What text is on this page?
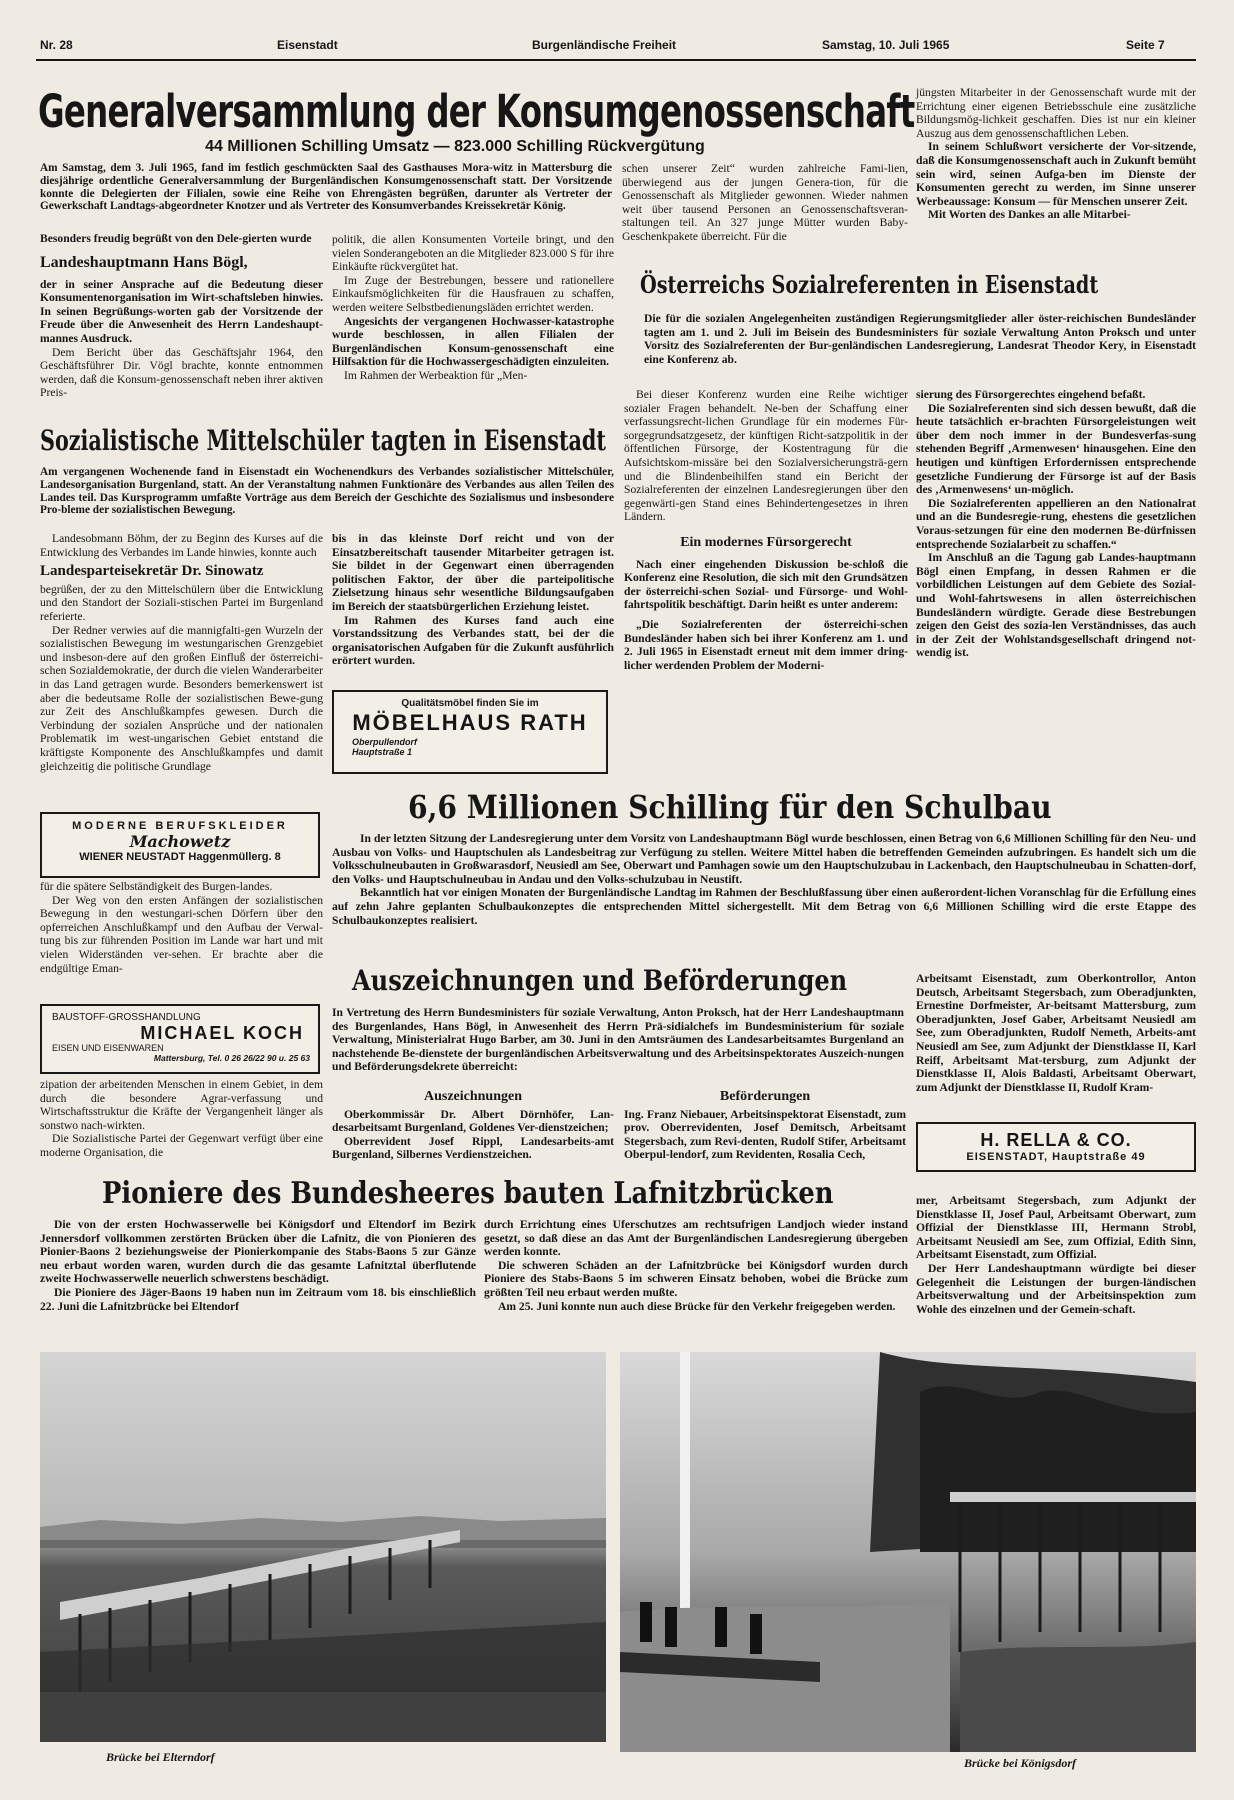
Nr. 28	Eisenstadt	Burgenländische Freiheit	Samstag, 10. Juli 1965	Seite 7
Generalversammlung der Konsumgenossenschaft
44 Millionen Schilling Umsatz — 823.000 Schilling Rückvergütung
Am Samstag, dem 3. Juli 1965, fand im festlich geschmückten Saal des Gasthauses Mora-witz in Mattersburg die diesjährige ordentliche Generalversammlung der Burgenländischen Konsumgenossenschaft statt. Der Vorsitzende konnte die Delegierten der Filialen, sowie eine Reihe von Ehrengästen begrüßen, darunter als Vertreter der Gewerkschaft Landtags-abgeordneter Knotzer und als Vertreter des Konsumverbandes Kreissekretär König.

Besonders freudig begrüßt von den Dele-gierten wurde

Landeshauptmann Hans Bögl,

der in seiner Ansprache auf die Bedeutung dieser Konsumentenorganisation im Wirt-schaftsleben hinwies. In seinen Begrüßungs-worten gab der Vorsitzende der Freude über die Anwesenheit des Herrn Landeshaupt-mannes Ausdruck.

Dem Bericht über das Geschäftsjahr 1964, den Geschäftsführer Dir. Vögl brachte, konnte entnommen werden, daß die Konsum-genossenschaft neben ihrer aktiven Preis-

politik, die allen Konsumenten Vorteile bringt, und den vielen Sonderangeboten an die Mitglieder 823.000 S für ihre Einkäufte rückvergütet hat.

Im Zuge der Bestrebungen, bessere und rationellere Einkaufsmöglichkeiten für die Hausfrauen zu schaffen, werden weitere Selbstbedienungsläden errichtet werden.

Angesichts der vergangenen Hochwasser-katastrophe wurde beschlossen, in allen Filialen der Burgenländischen Konsum-genossenschaft eine Hilfsaktion für die Hochwassergeschädigten einzuleiten.

Im Rahmen der Werbeaktion für „Men-

schen unserer Zeit“ wurden zahlreiche Fami-lien, überwiegend aus der jungen Genera-tion, für die Genossenschaft als Mitglieder gewonnen. Wieder nahmen weit über tausend Personen an Genossenschaftsveran-staltungen teil. An 327 junge Mütter wurden Baby-Geschenkpakete überreicht. Für die

jüngsten Mitarbeiter in der Genossenschaft wurde mit der Errichtung einer eigenen Betriebsschule eine zusätzliche Bildungsmög-lichkeit geschaffen. Dies ist nur ein kleiner Auszug aus dem genossenschaftlichen Leben.

In seinem Schlußwort versicherte der Vor-sitzende, daß die Konsumgenossenschaft auch in Zukunft bemüht sein wird, seinen Aufga-ben im Dienste der Konsumenten gerecht zu werden, im Sinne unserer Werbeaussage: Konsum — für Menschen unserer Zeit.

Mit Worten des Dankes an alle Mitarbei-

Österreichs Sozialreferenten in Eisenstadt
Die für die sozialen Angelegenheiten zuständigen Regierungsmitglieder aller öster-reichischen Bundesländer tagten am 1. und 2. Juli im Beisein des Bundesministers für soziale Verwaltung Anton Proksch und unter Vorsitz des Sozialreferenten der Bur-genländischen Landesregierung, Landesrat Theodor Kery, in Eisenstadt eine Konferenz ab.

Bei dieser Konferenz wurden eine Reihe wichtiger sozialer Fragen behandelt. Ne-ben der Schaffung einer verfassungsrecht-lichen Grundlage für ein modernes Für-sorgegrundsatzgesetz, der künftigen Richt-satzpolitik in der öffentlichen Fürsorge, der Kostentragung für die Aufsichtskom-missäre bei den Sozialversicherungsträ-gern und die Blindenbeihilfen stand ein Bericht der Sozialreferenten der einzelnen Landesregierungen über den gegenwärti-gen Stand eines Behindertengesetzes in ihren Ländern.

Ein modernes Fürsorgerecht

Nach einer eingehenden Diskussion be-schloß die Konferenz eine Resolution, die sich mit den Grundsätzen der österreichi-schen Sozial- und Fürsorge- und Wohl-fahrtspolitik beschäftigt. Darin heißt es unter anderem:

„Die Sozialreferenten der österreichi-schen Bundesländer haben sich bei ihrer Konferenz am 1. und 2. Juli 1965 in Eisenstadt erneut mit dem immer dring-licher werdenden Problem der Moderni-

sierung des Fürsorgerechtes eingehend befaßt.

Die Sozialreferenten sind sich dessen bewußt, daß die heute tatsächlich er-brachten Fürsorgeleistungen weit über dem noch immer in der Bundesverfas-sung stehenden Begriff ‚Armenwesen‘ hinausgehen. Eine den heutigen und künftigen Erfordernissen entsprechende gesetzliche Fundierung der Fürsorge ist auf der Basis des ‚Armenwesens‘ un-möglich.

Die Sozialreferenten appellieren an den Nationalrat und an die Bundesregie-rung, ehestens die gesetzlichen Voraus-setzungen für eine den modernen Be-dürfnissen entsprechende Sozialarbeit zu schaffen.“

Im Anschluß an die Tagung gab Landes-hauptmann Bögl einen Empfang, in dessen Rahmen er die vorbildlichen Leistungen auf dem Gebiete des Sozial- und Wohl-fahrtswesens in allen österreichischen Bundesländern würdigte. Gerade diese Bestrebungen zeigen den Geist des sozia-len Verständnisses, das auch in der Zeit der Wohlstandsgesellschaft dringend not-wendig ist.

Sozialistische Mittelschüler tagten in Eisenstadt
Am vergangenen Wochenende fand in Eisenstadt ein Wochenendkurs des Verbandes sozialistischer Mittelschüler, Landesorganisation Burgenland, statt. An der Veranstaltung nahmen Funktionäre des Verbandes aus allen Teilen des Landes teil. Das Kursprogramm umfaßte Vorträge aus dem Bereich der Geschichte des Sozialismus und insbesondere Pro-bleme der sozialistischen Bewegung.

Landesobmann Böhm, der zu Beginn des Kurses auf die Entwicklung des Verbandes im Lande hinwies, konnte auch

Landesparteisekretär Dr. Sinowatz

begrüßen, der zu den Mittelschülern über die Entwicklung und den Standort der Soziali-stischen Partei im Burgenland referierte.

Der Redner verwies auf die mannigfalti-gen Wurzeln der sozialistischen Bewegung im westungarischen Grenzgebiet und insbeson-dere auf den großen Einfluß der österreichi-schen Sozialdemokratie, der durch die vielen Wanderarbeiter in das Land getragen wurde. Besonders bemerkenswert ist aber die bedeutsame Rolle der sozialistischen Bewe-gung zur Zeit des Anschlußkampfes gewesen. Durch die Verbindung der sozialen Ansprüche und der nationalen Problematik im west-ungarischen Gebiet entstand die kräftigste Komponente des Anschlußkampfes und damit gleichzeitig die politische Grundlage

für die spätere Selbständigkeit des Burgen-landes.

Der Weg von den ersten Anfängen der sozialistischen Bewegung in den westungari-schen Dörfern über den opferreichen Anschlußkampf und den Aufbau der Verwal-tung bis zur führenden Position im Lande war hart und mit vielen Widerständen ver-sehen. Er brachte aber die endgültige Eman-

zipation der arbeitenden Menschen in einem Gebiet, in dem durch die besondere Agrar-verfassung und Wirtschaftsstruktur die Kräfte der Vergangenheit länger als sonstwo nach-wirkten.

Die Sozialistische Partei der Gegenwart verfügt über eine moderne Organisation, die

bis in das kleinste Dorf reicht und von der Einsatzbereitschaft tausender Mitarbeiter getragen ist. Sie bildet in der Gegenwart einen überragenden politischen Faktor, der über die parteipolitische Zielsetzung hinaus sehr wesentliche Bildungsaufgaben im Bereich der staatsbürgerlichen Erziehung leistet.

Im Rahmen des Kurses fand auch eine Vorstandssitzung des Verbandes statt, bei der die organisatorischen Aufgaben für die Zukunft ausführlich erörtert wurden.

Qualitätsmöbel finden Sie im
MÖBELHAUS RATH
Oberpullendorf
Hauptstraße 1
MODERNE BERUFSKLEIDER
Machowetz
WIENER NEUSTADT Haggenmüllerg. 8
BAUSTOFF-GROSSHANDLUNG
MICHAEL KOCH
EISEN UND EISENWAREN
Mattersburg, Tel. 0 26 26/22 90 u. 25 63
H. RELLA & CO.
EISENSTADT, Hauptstraße 49
6,6 Millionen Schilling für den Schulbau

In der letzten Sitzung der Landesregierung unter dem Vorsitz von Landeshauptmann Bögl wurde beschlossen, einen Betrag von 6,6 Millionen Schilling für den Neu- und Ausbau von Volks- und Hauptschulen als Landesbeitrag zur Verfügung zu stellen. Weitere Mittel haben die betreffenden Gemeinden aufzubringen. Es handelt sich um die Volksschulneubauten in Großwarasdorf, Neusiedl am See, Oberwart und Pamhagen sowie um den Hauptschulzubau in Lackenbach, den Hauptschulneubau in Schatten-dorf, den Volks- und Hauptschulneubau in Andau und den Volks-schulzubau in Neustift.

Bekanntlich hat vor einigen Monaten der Burgenländische Landtag im Rahmen der Beschlußfassung über einen außerordent-lichen Voranschlag für die Erfüllung eines auf zehn Jahre geplanten Schulbaukonzeptes die entsprechenden Mittel sichergestellt. Mit dem Betrag von 6,6 Millionen Schilling wird die erste Etappe des Schulbaukonzeptes realisiert.

Auszeichnungen und Beförderungen
In Vertretung des Herrn Bundesministers für soziale Verwaltung, Anton Proksch, hat der Herr Landeshauptmann des Burgenlandes, Hans Bögl, in Anwesenheit des Herrn Prä-sidialchefs im Bundesministerium für soziale Verwaltung, Ministerialrat Hugo Barber, am 30. Juni in den Amtsräumen des Landesarbeitsamtes Burgenland an nachstehende Be-dienstete der burgenländischen Arbeitsverwaltung und des Arbeitsinspektorates Auszeich-nungen und Beförderungsdekrete überreicht:
Auszeichnungen

Oberkommissär Dr. Albert Dörnhöfer, Lan-desarbeitsamt Burgenland, Goldenes Ver-dienstzeichen;

Oberrevident Josef Rippl, Landesarbeits-amt Burgenland, Silbernes Verdienstzeichen.

Beförderungen

Ing. Franz Niebauer, Arbeitsinspektorat Eisenstadt, zum prov. Oberrevidenten, Josef Demitsch, Arbeitsamt Stegersbach, zum Revi-denten, Rudolf Stifer, Arbeitsamt Oberpul-lendorf, zum Revidenten, Rosalia Cech,

Arbeitsamt Eisenstadt, zum Oberkontrollor, Anton Deutsch, Arbeitsamt Stegersbach, zum Oberadjunkten, Ernestine Dorfmeister, Ar-beitsamt Mattersburg, zum Oberadjunkten, Josef Gaber, Arbeitsamt Neusiedl am See, zum Oberadjunkten, Rudolf Nemeth, Arbeits-amt Neusiedl am See, zum Adjunkt der Dienstklasse II, Karl Reiff, Arbeitsamt Mat-tersburg, zum Adjunkt der Dienstklasse II, Alois Baldasti, Arbeitsamt Oberwart, zum Adjunkt der Dienstklasse II, Rudolf Kram-

mer, Arbeitsamt Stegersbach, zum Adjunkt der Dienstklasse II, Josef Paul, Arbeitsamt Oberwart, zum Offizial der Dienstklasse III, Hermann Strobl, Arbeitsamt Neusiedl am See, zum Offizial, Edith Sinn, Arbeitsamt Eisenstadt, zum Offizial.

Der Herr Landeshauptmann würdigte bei dieser Gelegenheit die Leistungen der burgen-ländischen Arbeitsverwaltung und der Arbeitsinspektion zum Wohle des einzelnen und der Gemein-schaft.

Pioniere des Bundesheeres bauten Lafnitzbrücken

Die von der ersten Hochwasserwelle bei Königsdorf und Eltendorf im Bezirk Jennersdorf vollkommen zerstörten Brücken über die Lafnitz, die von Pionieren des Pionier-Baons 2 beziehungsweise der Pionierkompanie des Stabs-Baons 5 zur Gänze neu erbaut worden waren, wurden durch die das gesamte Lafnitztal überflutende zweite Hochwasserwelle neuerlich schwerstens beschädigt.

Die Pioniere des Jäger-Baons 19 haben nun im Zeitraum vom 18. bis einschließlich 22. Juni die Lafnitzbrücke bei Eltendorf

durch Errichtung eines Uferschutzes am rechtsufrigen Landjoch wieder instand gesetzt, so daß diese an das Amt der Burgenländischen Landesregierung übergeben werden konnte.

Die schweren Schäden an der Lafnitzbrücke bei Königsdorf wurden durch Pioniere des Stabs-Baons 5 im schweren Einsatz behoben, wobei die Brücke zum größten Teil neu erbaut werden mußte.

Am 25. Juni konnte nun auch diese Brücke für den Verkehr freigegeben werden.

Brücke bei Elterndorf	Brücke bei Königsdorf
